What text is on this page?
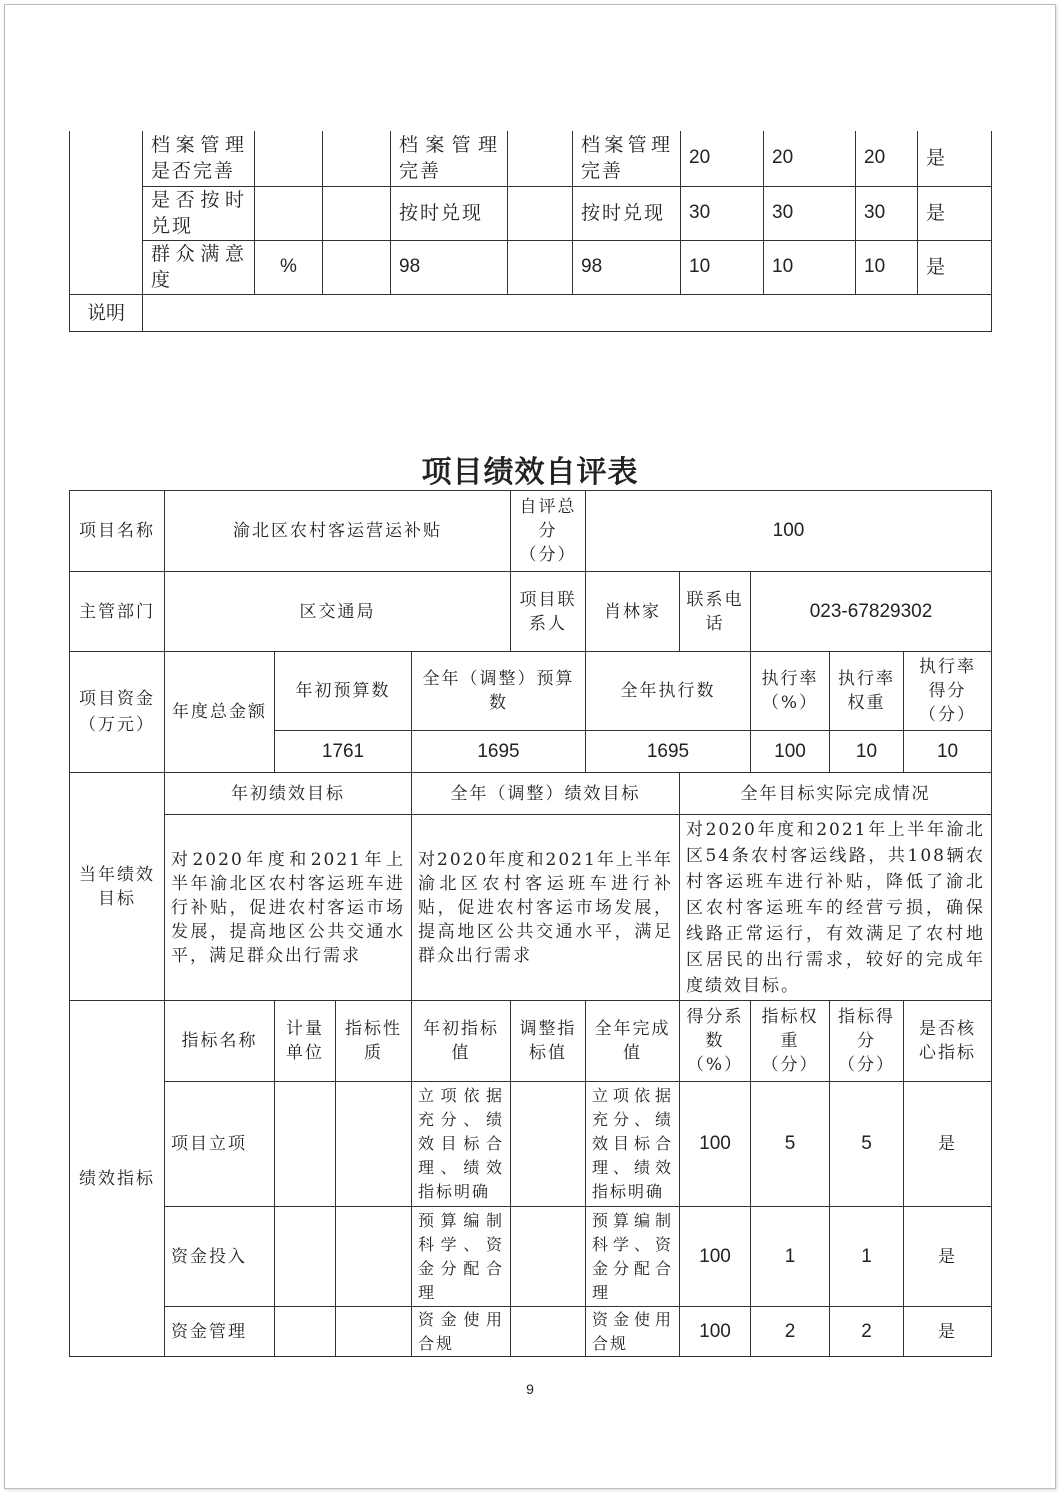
	档案管理是否完善			档案管理完善		档案管理完善	20	20	20	是
	是否按时兑现			按时兑现		按时兑现	30	30	30	是
	群众满意度	%		98		98	10	10	10	是
说明										
项目绩效自评表
项目名称	渝北区农村客运营运补贴				自评总分（分）	100				
主管部门	区交通局				项目联系人	肖林家	联系电话	023-67829302		
项目资金（万元）	年度总金额	年初预算数		全年（调整）预算数		全年执行数		执行率（%）	执行率权重	执行率得分（分）
		1761		1695		1695		100	10	10
当年绩效目标	年初绩效目标			全年（调整）绩效目标			全年目标实际完成情况			
	对2020年度和2021年上半年渝北区农村客运班车进行补贴，促进农村客运市场发展，提高地区公共交通水平，满足群众出行需求			对2020年度和2021年上半年渝北区农村客运班车进行补贴，促进农村客运市场发展，提高地区公共交通水平，满足群众出行需求			对2020年度和2021年上半年渝北区54条农村客运线路，共108辆农村客运班车进行补贴，降低了渝北区农村客运班车的经营亏损，确保线路正常运行，有效满足了农村地区居民的出行需求，较好的完成年度绩效目标。			
绩效指标	指标名称	计量单位	指标性质	年初指标值	调整指标值	全年完成值	得分系数（%）	指标权重（分）	指标得分（分）	是否核心指标
	项目立项			立项依据充分、绩效目标合理、绩效指标明确		立项依据充分、绩效目标合理、绩效指标明确	100	5	5	是
	资金投入			预算编制科学、资金分配合理		预算编制科学、资金分配合理	100	1	1	是
	资金管理			资金使用合规		资金使用合规	100	2	2	是
9
